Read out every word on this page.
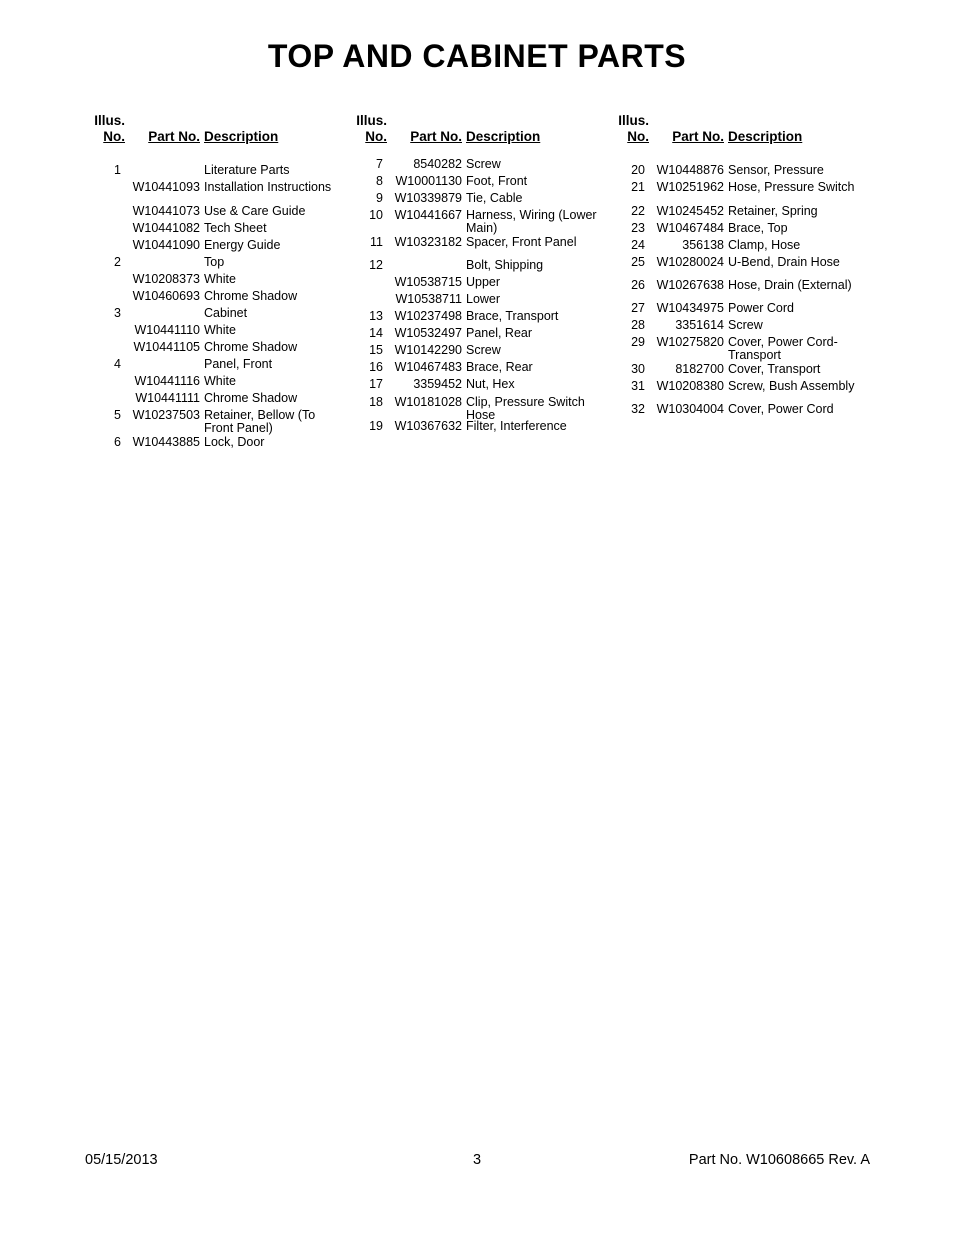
TOP AND CABINET PARTS
Illus.
No.	Part No. Description
1	Literature Parts
W10441093 Installation Instructions
W10441073 Use & Care Guide
W10441082 Tech Sheet
W10441090 Energy Guide
2	Top
W10208373 White
W10460693 Chrome Shadow
3	Cabinet
W10441110 White
W10441105 Chrome Shadow
4	Panel, Front
W10441116 White
W10441111 Chrome Shadow
5 W10237503 Retainer, Bellow (To
Front Panel)
6 W10443885 Lock, Door
Illus.
No.	Part No. Description
7	8540282 Screw
8	W10001130 Foot, Front
9 W10339879 Tie, Cable
10 W10441667 Harness, Wiring (Lower
Main)
11 W10323182 Spacer, Front Panel
12	Bolt, Shipping
W10538715 Upper
W10538711 Lower
13 W10237498 Brace, Transport
14 W10532497 Panel, Rear
15 W10142290 Screw
16 W10467483 Brace, Rear
17	3359452 Nut, Hex
18 W10181028 Clip, Pressure Switch
Hose
19 W10367632 Filter, Interference
Illus.
No.	Part No. Description
20 W10448876 Sensor, Pressure
21 W10251962 Hose, Pressure Switch
22 W10245452 Retainer, Spring
23 W10467484 Brace, Top
24	356138 Clamp, Hose
25 W10280024 U-Bend, Drain Hose
26 W10267638 Hose, Drain (External)
27 W10434975 Power Cord
28	3351614 Screw
29 W10275820 Cover, Power Cord-
Transport
30	8182700 Cover, Transport
31 W10208380 Screw, Bush Assembly
32 W10304004 Cover, Power Cord
05/15/2013	3	Part No. W10608665 Rev. A
